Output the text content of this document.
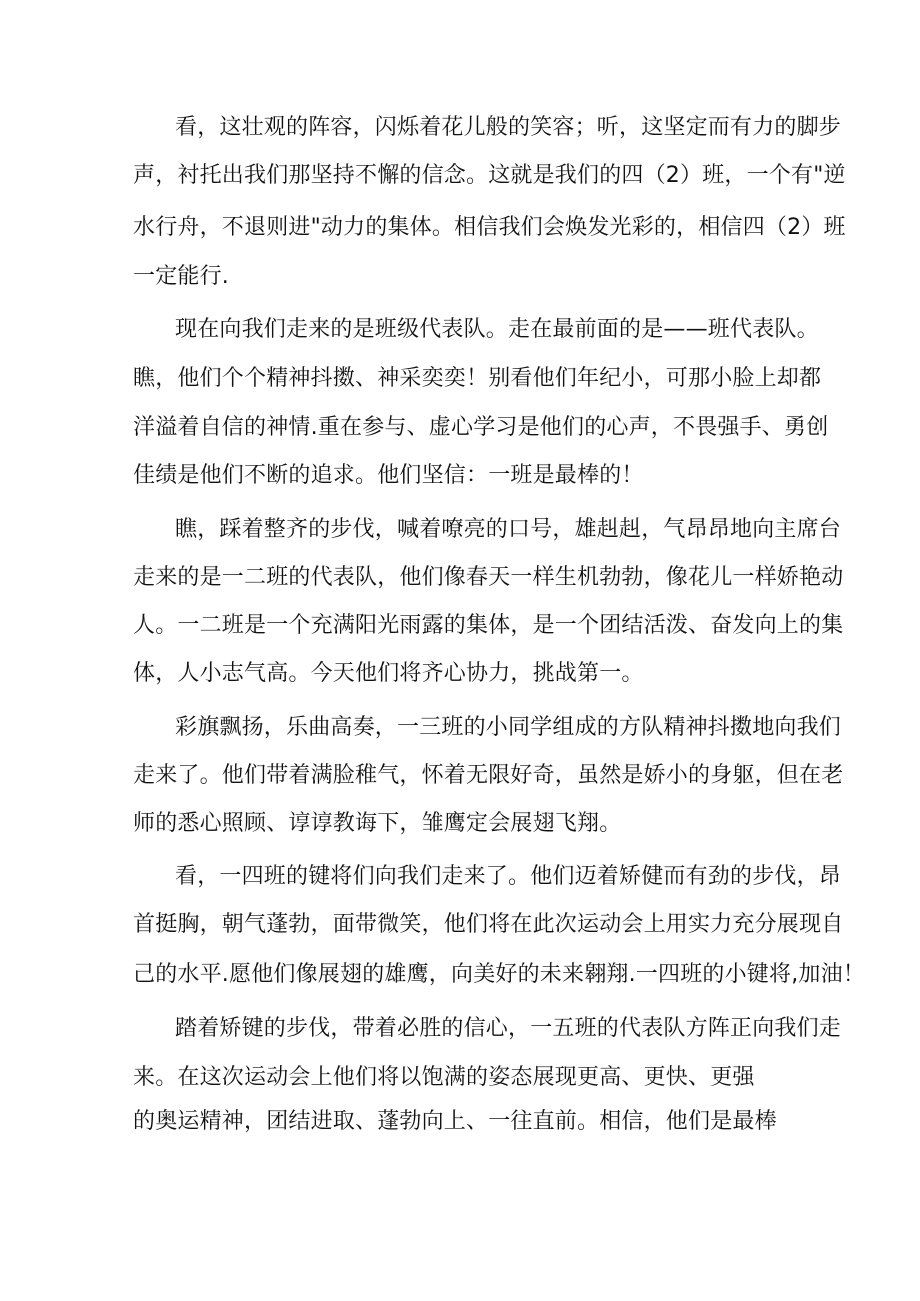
看，这壮观的阵容，闪烁着花儿般的笑容；听，这坚定而有力的脚步
声，衬托出我们那坚持不懈的信念。这就是我们的四（2）班，一个有"逆
水行舟，不退则进"动力的集体。相信我们会焕发光彩的，相信四（2）班
一定能行.
现在向我们走来的是班级代表队。走在最前面的是——班代表队。
瞧，他们个个精神抖擞、神采奕奕！别看他们年纪小，可那小脸上却都
洋溢着自信的神情.重在参与、虚心学习是他们的心声，不畏强手、勇创
佳绩是他们不断的追求。他们坚信：一班是最棒的！
瞧，踩着整齐的步伐，喊着嘹亮的口号，雄赳赳，气昂昂地向主席台
走来的是一二班的代表队，他们像春天一样生机勃勃，像花儿一样娇艳动
人。一二班是一个充满阳光雨露的集体，是一个团结活泼、奋发向上的集
体，人小志气高。今天他们将齐心协力，挑战第一。
彩旗飘扬，乐曲高奏，一三班的小同学组成的方队精神抖擞地向我们
走来了。他们带着满脸稚气，怀着无限好奇，虽然是娇小的身躯，但在老
师的悉心照顾、谆谆教诲下，雏鹰定会展翅飞翔。
看，一四班的键将们向我们走来了。他们迈着矫健而有劲的步伐，昂
首挺胸，朝气蓬勃，面带微笑，他们将在此次运动会上用实力充分展现自
己的水平.愿他们像展翅的雄鹰，向美好的未来翱翔.一四班的小键将,加油！
踏着矫键的步伐，带着必胜的信心，一五班的代表队方阵正向我们走
来。在这次运动会上他们将以饱满的姿态展现更高、更快、更强
的奥运精神，团结进取、蓬勃向上、一往直前。相信，他们是最棒
